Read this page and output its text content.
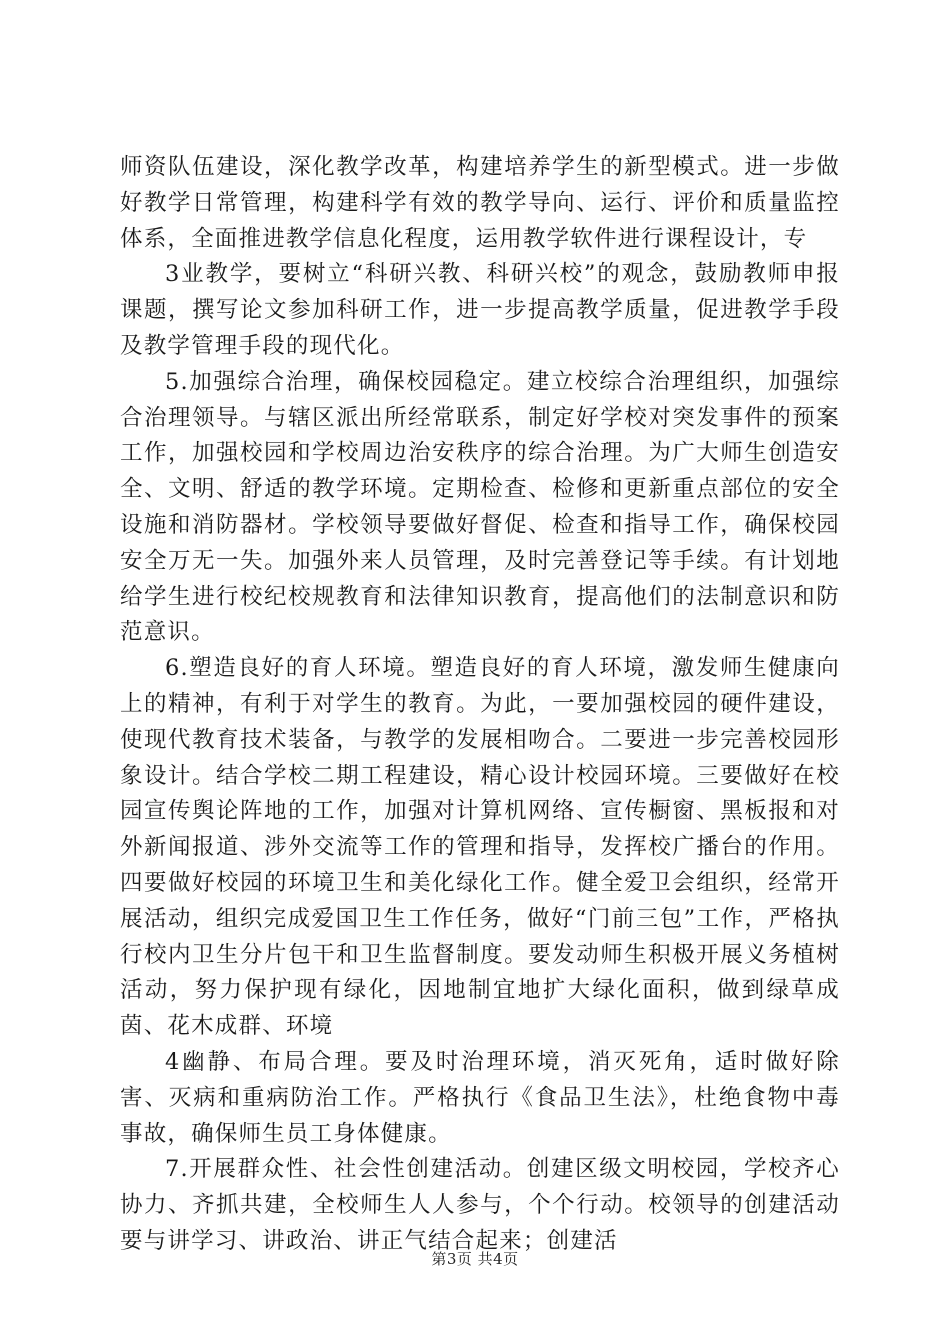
师资队伍建设，深化教学改革，构建培养学生的新型模式。进一步做好教学日常管理，构建科学有效的教学导向、运行、评价和质量监控体系，全面推进教学信息化程度，运用教学软件进行课程设计，专

3业教学，要树立“科研兴教、科研兴校”的观念，鼓励教师申报课题，撰写论文参加科研工作，进一步提高教学质量，促进教学手段及教学管理手段的现代化。

5.加强综合治理，确保校园稳定。建立校综合治理组织，加强综合治理领导。与辖区派出所经常联系，制定好学校对突发事件的预案工作，加强校园和学校周边治安秩序的综合治理。为广大师生创造安全、文明、舒适的教学环境。定期检查、检修和更新重点部位的安全设施和消防器材。学校领导要做好督促、检查和指导工作，确保校园安全万无一失。加强外来人员管理，及时完善登记等手续。有计划地给学生进行校纪校规教育和法律知识教育，提高他们的法制意识和防范意识。

6.塑造良好的育人环境。塑造良好的育人环境，激发师生健康向上的精神，有利于对学生的教育。为此，一要加强校园的硬件建设，使现代教育技术装备，与教学的发展相吻合。二要进一步完善校园形象设计。结合学校二期工程建设，精心设计校园环境。三要做好在校园宣传舆论阵地的工作，加强对计算机网络、宣传橱窗、黑板报和对外新闻报道、涉外交流等工作的管理和指导，发挥校广播台的作用。四要做好校园的环境卫生和美化绿化工作。健全爱卫会组织，经常开展活动，组织完成爱国卫生工作任务，做好“门前三包”工作，严格执行校内卫生分片包干和卫生监督制度。要发动师生积极开展义务植树活动，努力保护现有绿化，因地制宜地扩大绿化面积，做到绿草成茵、花木成群、环境

4幽静、布局合理。要及时治理环境，消灭死角，适时做好除害、灭病和重病防治工作。严格执行《食品卫生法》，杜绝食物中毒事故，确保师生员工身体健康。

7.开展群众性、社会性创建活动。创建区级文明校园，学校齐心协力、齐抓共建，全校师生人人参与，个个行动。校领导的创建活动要与讲学习、讲政治、讲正气结合起来；创建活

第3页 共4页
